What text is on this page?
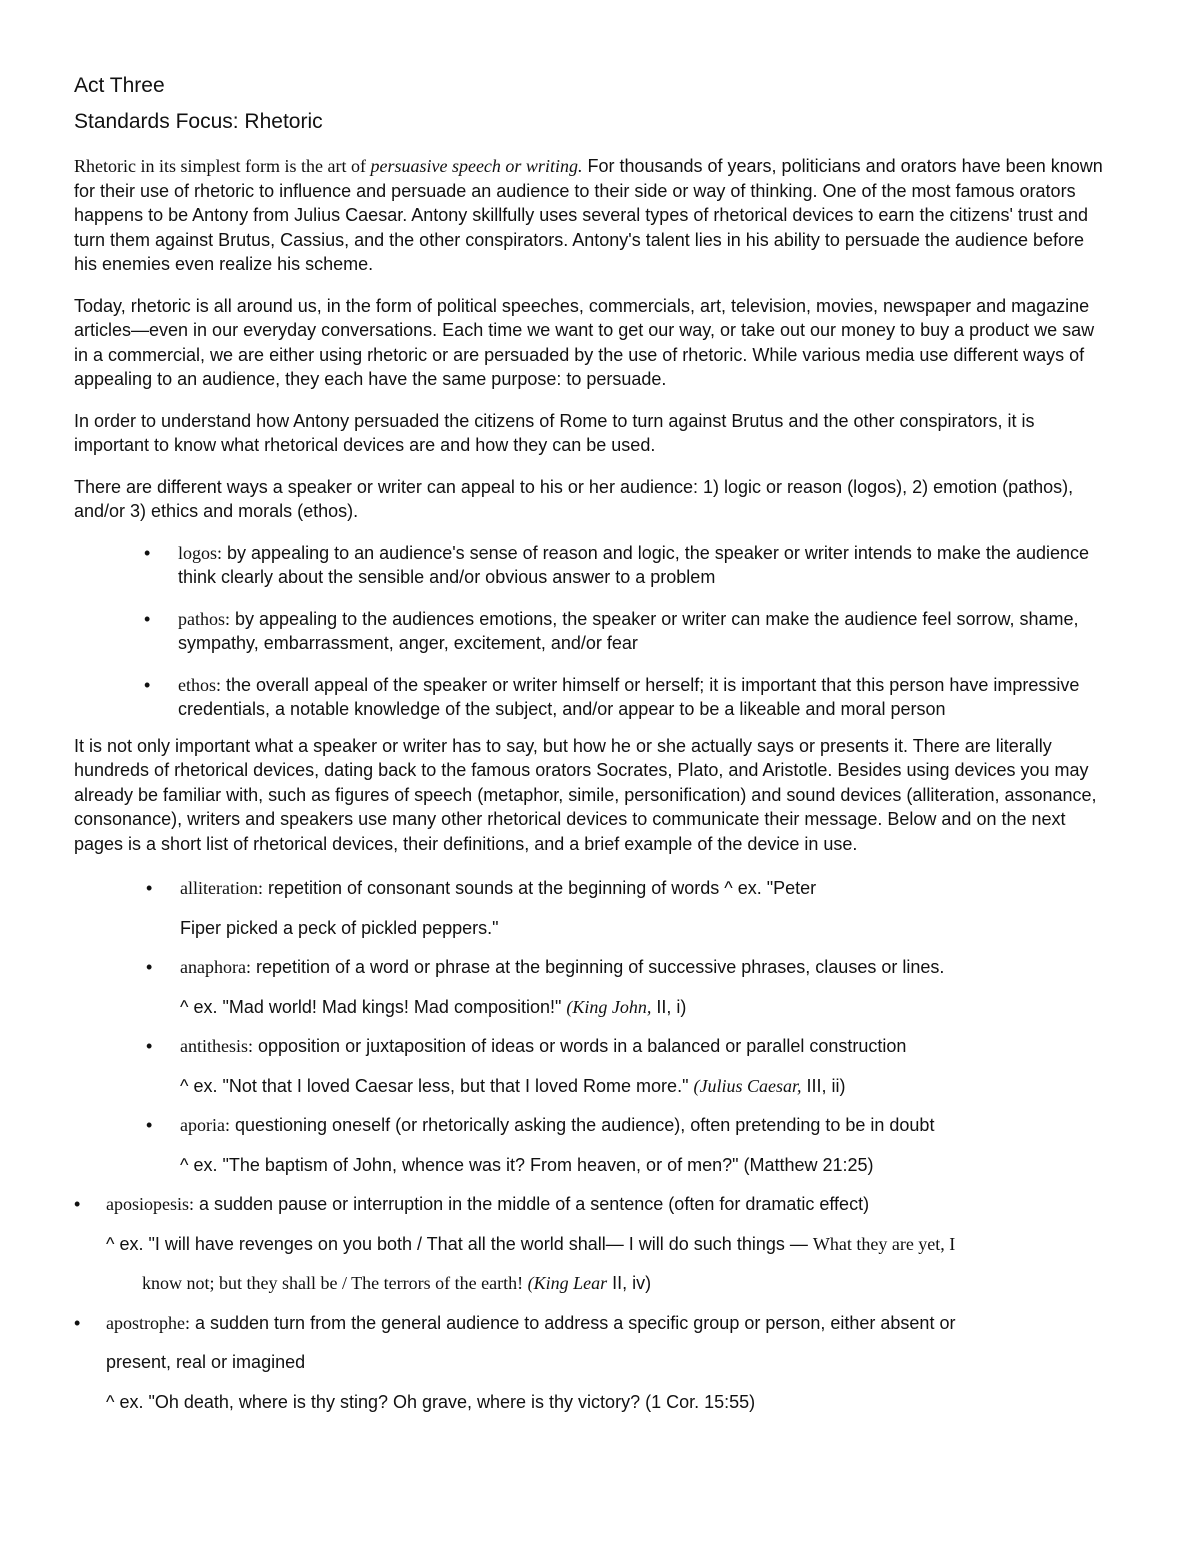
Act Three
Standards Focus: Rhetoric

Rhetoric in its simplest form is the art of persuasive speech or writing. For thousands of years, politicians and orators have been known for their use of rhetoric to influence and persuade an audience to their side or way of thinking. One of the most famous orators happens to be Antony from Julius Caesar. Antony skillfully uses several types of rhetorical devices to earn the citizens' trust and turn them against Brutus, Cassius, and the other conspirators. Antony's talent lies in his ability to persuade the audience before his enemies even realize his scheme.

Today, rhetoric is all around us, in the form of political speeches, commercials, art, television, movies, newspaper and magazine articles—even in our everyday conversations. Each time we want to get our way, or take out our money to buy a product we saw in a commercial, we are either using rhetoric or are persuaded by the use of rhetoric. While various media use different ways of appealing to an audience, they each have the same purpose: to persuade.

In order to understand how Antony persuaded the citizens of Rome to turn against Brutus and the other conspirators, it is important to know what rhetorical devices are and how they can be used.

There are different ways a speaker or writer can appeal to his or her audience: 1) logic or reason (logos), 2) emotion (pathos), and/or 3) ethics and morals (ethos).

• logos: by appealing to an audience's sense of reason and logic, the speaker or writer intends to make the audience think clearly about the sensible and/or obvious answer to a problem
• pathos: by appealing to the audiences emotions, the speaker or writer can make the audience feel sorrow, shame, sympathy, embarrassment, anger, excitement, and/or fear
• ethos: the overall appeal of the speaker or writer himself or herself; it is important that this person have impressive credentials, a notable knowledge of the subject, and/or appear to be a likeable and moral person

It is not only important what a speaker or writer has to say, but how he or she actually says or presents it. There are literally hundreds of rhetorical devices, dating back to the famous orators Socrates, Plato, and Aristotle. Besides using devices you may already be familiar with, such as figures of speech (metaphor, simile, personification) and sound devices (alliteration, assonance, consonance), writers and speakers use many other rhetorical devices to communicate their message. Below and on the next pages is a short list of rhetorical devices, their definitions, and a brief example of the device in use.

• alliteration: repetition of consonant sounds at the beginning of words ^ ex. "Peter
Fiper picked a peck of pickled peppers."
• anaphora: repetition of a word or phrase at the beginning of successive phrases, clauses or lines.
^ ex. "Mad world! Mad kings! Mad composition!" (King John, II, i)
• antithesis: opposition or juxtaposition of ideas or words in a balanced or parallel construction
^ ex. "Not that I loved Caesar less, but that I loved Rome more." (Julius Caesar, III, ii)
• aporia: questioning oneself (or rhetorically asking the audience), often pretending to be in doubt
^ ex. "The baptism of John, whence was it? From heaven, or of men?" (Matthew 21:25)
• aposiopesis: a sudden pause or interruption in the middle of a sentence (often for dramatic effect)
^ ex. "I will have revenges on you both / That all the world shall— I will do such things — What they are yet, I
know not; but they shall be / The terrors of the earth! (King Lear II, iv)
• apostrophe: a sudden turn from the general audience to address a specific group or person, either absent or
present, real or imagined
^ ex. "Oh death, where is thy sting? Oh grave, where is thy victory? (1 Cor. 15:55)
